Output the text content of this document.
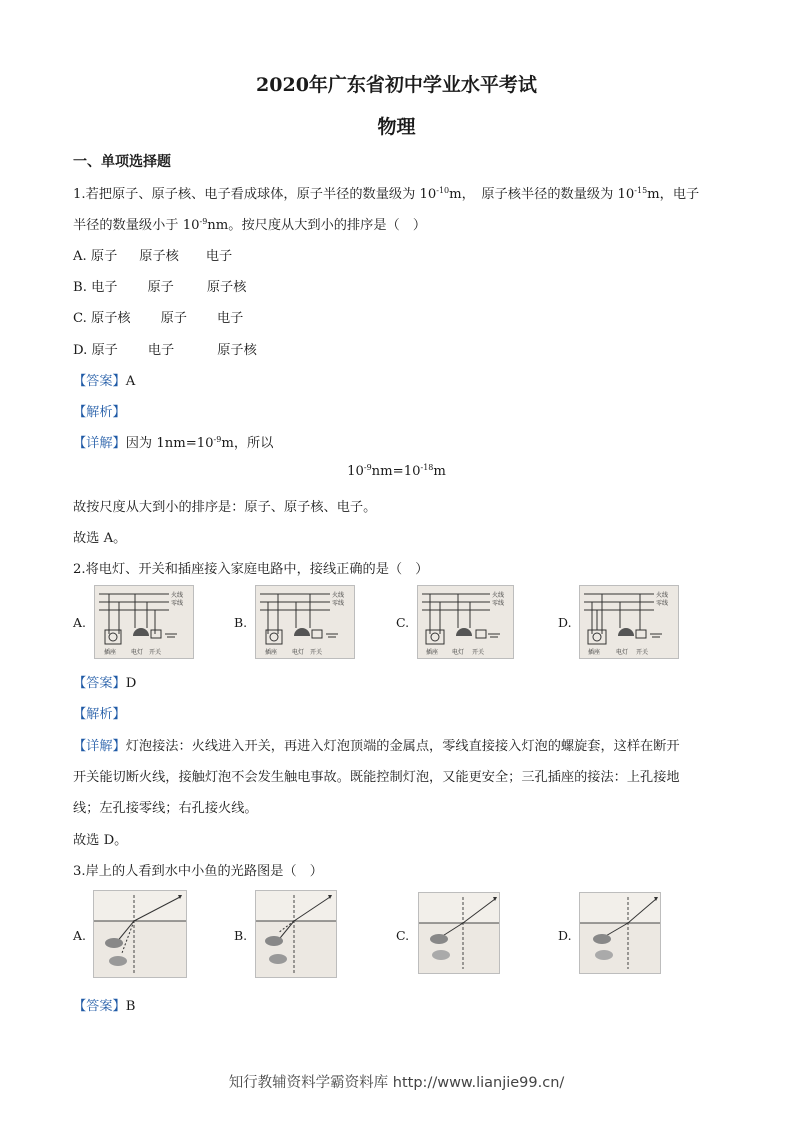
2020年广东省初中学业水平考试
物理
一、单项选择题
1.若把原子、原子核、电子看成球体，原子半径的数量级为 $10^{-10}m$，　原子核半径的数量级为 $10^{-15}m$，电子
半径的数量级小于 $10^{-9}nm$。按尺度从大到小的排序是（　）
A. 原子 原子核 电子
B. 电子 原子	原子核
C. 原子核 原子 电子
D. 原子 电子	原子核
【答案】A
【解析】
【详解】因为 $1nm=10^{-9}m$，所以
$10^{-9}nm=10^{-18}m$
故按尺度从大到小的排序是：原子、原子核、电子。
故选 A。
2.将电灯、开关和插座接入家庭电路中，接线正确的是（　）
A.
火线
零线
插座 电灯 开关
B.
火线
零线
插座 电灯 开关
C.
火线
零线
插座 电灯 开关
D.
火线
零线
插座	电灯 开关
【答案】D
【解析】
【详解】灯泡接法：火线进入开关，再进入灯泡顶端的金属点，零线直接接入灯泡的螺旋套，这样在断开
开关能切断火线，接触灯泡不会发生触电事故。既能控制灯泡，又能更安全；三孔插座的接法：上孔接地
线；左孔接零线；右孔接火线。
故选 D。
3.岸上的人看到水中小鱼的光路图是（　）
A.	B.	C.	D.
【答案】B
知行教辅资料学霸资料库 http://www.lianjie99.cn/
